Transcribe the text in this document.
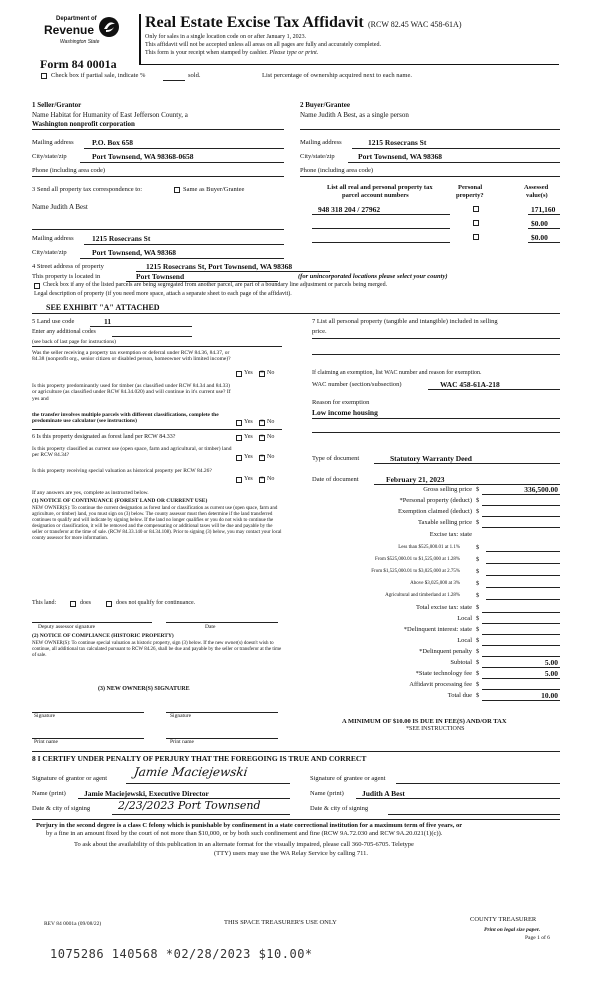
Department of
Revenue
Washington State
Form 84 0001a
Check box if partial sale, indicate %	sold.	List percentage of ownership acquired next to each name.
Real Estate Excise Tax Affidavit (RCW 82.45 WAC 458-61A)
Only for sales in a single location code on or after January 1, 2023.
This affidavit will not be accepted unless all areas on all pages are fully and accurately completed.
This form is your receipt when stamped by cashier. Please type or print.
1 Seller/Grantor
Name Habitat for Humanity of East Jefferson County, a
Washington nonprofit corporation
Mailing address P.O. Box 658
City/state/zip	Port Townsend, WA 98368-0658
Phone (including area code)
2 Buyer/Grantee
Name Judith A Best, as a single person
Mailing address	1215 Rosecrans St
City/state/zip	Port Townsend, WA 98368
Phone (including area code)
3 Send all property tax correspondence to:	Same as Buyer/Grantee
Name Judith A Best
Mailing address 1215 Rosecrans St
City/state/zip	Port Townsend, WA 98368
List all real and personal property tax
parcel account numbers
Personal
property?
Assessed
value(s)
948 318 204 / 27962	171,160
$0.00
$0.00
4 Street address of property	1215 Rosecrans St, Port Townsend, WA 98368
This property is located in	Port Townsend	(for unincorporated locations please select your county)
Check box if any of the listed parcels are being segregated from another parcel, are part of a boundary line adjustment or parcels being merged.
Legal description of property (if you need more space, attach a separate sheet to each page of the affidavit).
SEE EXHIBIT "A" ATTACHED
5 Land use code	11
Enter any additional codes
(see back of last page for instructions)
Was the seller receiving a property tax exemption or deferral under RCW 84.36, 84.37, or 84.38 (nonprofit org., senior citizen or disabled person, homeowner with limited income)?
Yes × No
Is this property predominantly used for timber (as classified under RCW 84.34 and 84.33) or agriculture (as classified under RCW 84.34.020) and will continue in it's current use? If yes and
the transfer involves multiple parcels with different classifications, complete the predominate use calculator (see instructions)	Yes × No
6 Is this property designated as forest land per RCW 84.33?	Yes × No
Is this property classified as current use (open space, farm and agricultural, or timber) land per RCW 84.34?	Yes × No
Is this property receiving special valuation as historical property per RCW 84.26?
Yes × No
If any answers are yes, complete as instructed below.
(1) NOTICE OF CONTINUANCE (FOREST LAND OR CURRENT USE)
NEW OWNER(S): To continue the current designation as forest land or classification as current use (open space, farm and agriculture, or timber) land, you must sign on (3) below. The county assessor must then determine if the land transferred continues to qualify and will indicate by signing below. If the land no longer qualifies or you do not wish to continue the designation or classification, it will be removed and the compensating or additional taxes will be due and payable by the seller or transferor at the time of sale. (RCW 84.33.140 or 84.34.108). Prior to signing (3) below, you may contact your local county assessor for more information.
This land:	does	does not qualify for continuance.
Deputy assessor signature	Date
(2) NOTICE OF COMPLIANCE (HISTORIC PROPERTY)
NEW OWNER(S): To continue special valuation as historic property, sign (3) below. If the new owner(s) doesn't wish to continue, all additional tax calculated pursuant to RCW 84.26, shall be due and payable by the seller or transferor at the time of sale.
(3) NEW OWNER(S) SIGNATURE
Signature	Signature
Print name	Print name
7 List all personal property (tangible and intangible) included in selling
price.
If claiming an exemption, list WAC number and reason for exemption.
WAC number (section/subsection)	WAC 458-61A-218
Reason for exemption
Low income housing
Type of document	Statutory Warranty Deed
Date of document	February 21, 2023
Gross selling price $	336,500.00
*Personal property (deduct) $
Exemption claimed (deduct) $
Taxable selling price $
Excise tax: state
Less than $525,000.01 at 1.1% $
From $525,000.01 to $1,525,000 at 1.28% $
From $1,525,000.01 to $3,025,000 at 2.75% $
Above $3,025,000 at 3% $
Agricultural and timberland at 1.28% $
Total excise tax: state $
Local $
*Delinquent interest: state $
Local $
*Delinquent penalty $
Subtotal $	5.00
*State technology fee $	5.00
Affidavit processing fee $
Total due $	10.00
A MINIMUM OF $10.00 IS DUE IN FEE(S) AND/OR TAX
*SEE INSTRUCTIONS
8 I CERTIFY UNDER PENALTY OF PERJURY THAT THE FOREGOING IS TRUE AND CORRECT
Signature of grantor or agent Jamie Maciejewski	Signature of grantee or agent
Name (print) Jamie Maciejewski, Executive Director	Name (print) Judith A Best
Date & city of signing	2/23/2023 Port Townsend	Date & city of signing
Perjury in the second degree is a class C felony which is punishable by confinement in a state correctional institution for a maximum term of five years, or
by a fine in an amount fixed by the court of not more than $10,000, or by both such confinement and fine (RCW 9A.72.030 and RCW 9A.20.021(1)(c)).
To ask about the availability of this publication in an alternate format for the visually impaired, please call 360-705-6705. Teletype
(TTY) users may use the WA Relay Service by calling 711.
REV 84 0001a (09/08/22)	THIS SPACE TREASURER'S USE ONLY	COUNTY TREASURER
Print on legal size paper.
Page 1 of 6
1075286 140568 *02/28/2023 $10.00*
